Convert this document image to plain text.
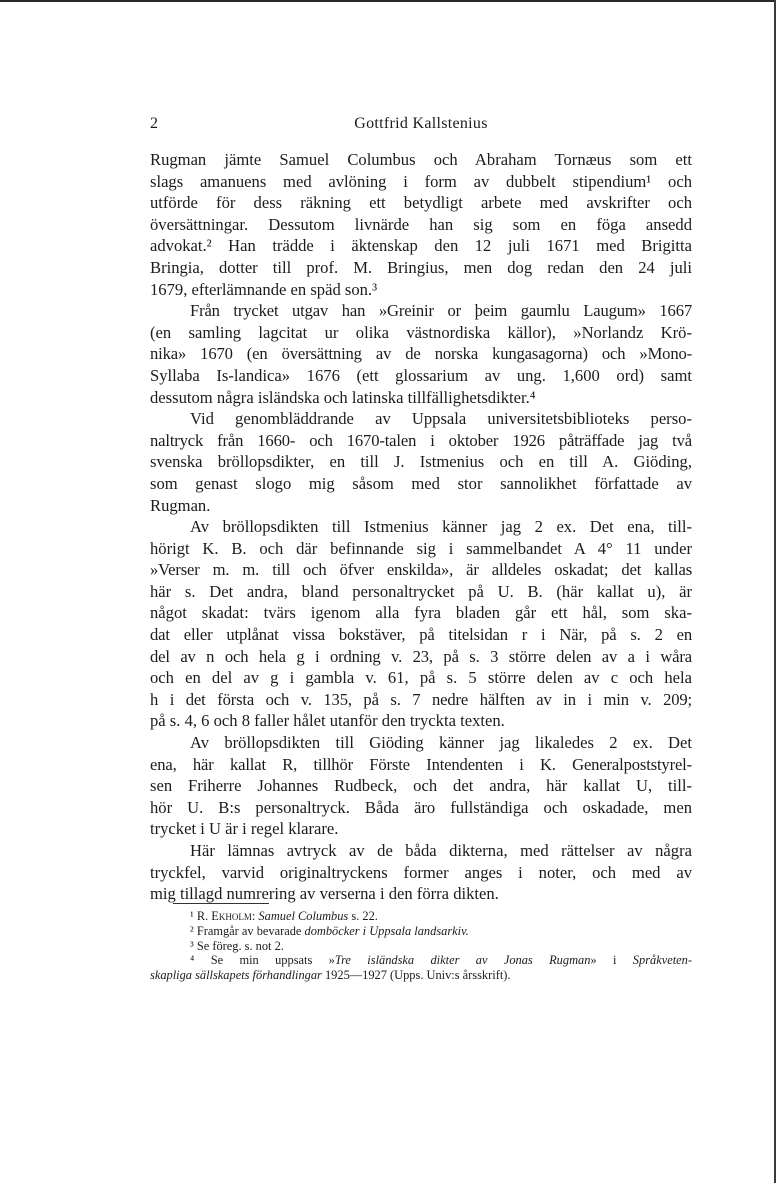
2	Gottfrid Kallstenius
Rugman jämte Samuel Columbus och Abraham Tornæus som ett
slags amanuens med avlöning i form av dubbelt stipendium¹ och
utförde för dess räkning ett betydligt arbete med avskrifter och
översättningar. Dessutom livnärde han sig som en föga ansedd
advokat.² Han trädde i äktenskap den 12 juli 1671 med Brigitta
Bringia, dotter till prof. M. Bringius, men dog redan den 24 juli
1679, efterlämnande en späd son.³
Från trycket utgav han »Greinir or þeim gaumlu Laugum» 1667
(en samling lagcitat ur olika västnordiska källor), »Norlandz Krö-
nika» 1670 (en översättning av de norska kungasagorna) och »Mono-
Syllaba Is-landica» 1676 (ett glossarium av ung. 1,600 ord) samt
dessutom några isländska och latinska tillfällighetsdikter.⁴
Vid genombläddrande av Uppsala universitetsbiblioteks perso-
naltryck från 1660- och 1670-talen i oktober 1926 påträffade jag två
svenska bröllopsdikter, en till J. Istmenius och en till A. Giöding,
som genast slogo mig såsom med stor sannolikhet författade av
Rugman.
Av bröllopsdikten till Istmenius känner jag 2 ex. Det ena, till-
hörigt K. B. och där befinnande sig i sammelbandet A 4° 11 under
»Verser m. m. till och öfver enskilda», är alldeles oskadat; det kallas
här s. Det andra, bland personaltrycket på U. B. (här kallat u), är
något skadat: tvärs igenom alla fyra bladen går ett hål, som ska-
dat eller utplånat vissa bokstäver, på titelsidan r i När, på s. 2 en
del av n och hela g i ordning v. 23, på s. 3 större delen av a i wåra
och en del av g i gambla v. 61, på s. 5 större delen av c och hela
h i det första och v. 135, på s. 7 nedre hälften av in i min v. 209;
på s. 4, 6 och 8 faller hålet utanför den tryckta texten.
Av bröllopsdikten till Giöding känner jag likaledes 2 ex. Det
ena, här kallat R, tillhör Förste Intendenten i K. Generalpoststyrel-
sen Friherre Johannes Rudbeck, och det andra, här kallat U, till-
hör U. B:s personaltryck. Båda äro fullständiga och oskadade, men
trycket i U är i regel klarare.
Här lämnas avtryck av de båda dikterna, med rättelser av några
tryckfel, varvid originaltryckens former anges i noter, och med av
mig tillagd numrering av verserna i den förra dikten.
¹ R. Ekholm: Samuel Columbus s. 22.
² Framgår av bevarade domböcker i Uppsala landsarkiv.
³ Se föreg. s. not 2.
⁴ Se min uppsats »Tre isländska dikter av Jonas Rugman» i Språkveten-
skapliga sällskapets förhandlingar 1925—1927 (Upps. Univ:s årsskrift).
